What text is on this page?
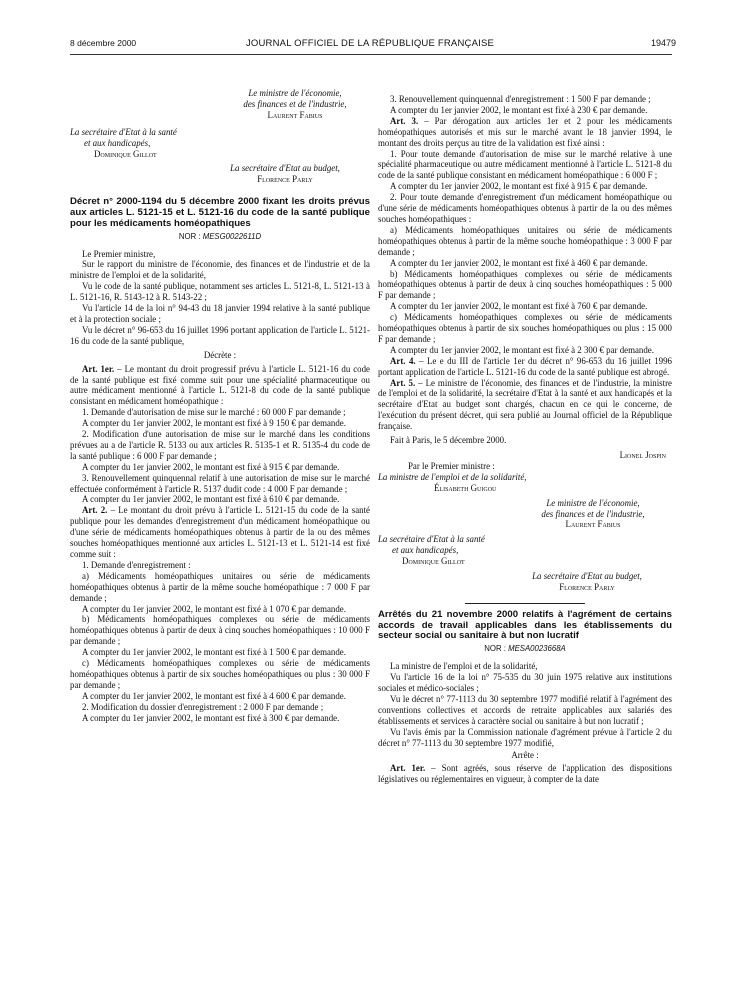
8 décembre 2000	JOURNAL OFFICIEL DE LA RÉPUBLIQUE FRANÇAISE	19479
Le ministre de l'économie,
des finances et de l'industrie,
Laurent Fabius
La secrétaire d'Etat à la santé
et aux handicapés,
Dominique Gillot
La secrétaire d'Etat au budget,
Florence Parly
Décret n° 2000-1194 du 5 décembre 2000 fixant les droits prévus aux articles L. 5121-15 et L. 5121-16 du code de la santé publique pour les médicaments homéopathiques
NOR : MESG0022611D

Le Premier ministre,

Sur le rapport du ministre de l'économie, des finances et de l'industrie et de la ministre de l'emploi et de la solidarité,

Vu le code de la santé publique, notamment ses articles L. 5121-8, L. 5121-13 à L. 5121-16, R. 5143-12 à R. 5143-22 ;

Vu l'article 14 de la loi n° 94-43 du 18 janvier 1994 relative à la santé publique et à la protection sociale ;

Vu le décret n° 96-653 du 16 juillet 1996 portant application de l'article L. 5121-16 du code de la santé publique,

Décrète :

Art. 1er. – Le montant du droit progressif prévu à l'article L. 5121-16 du code de la santé publique est fixé comme suit pour une spécialité pharmaceutique ou autre médicament mentionné à l'article L. 5121-8 du code de la santé publique consistant en médicament homéopathique :

1. Demande d'autorisation de mise sur le marché : 60 000 F par demande ;

A compter du 1er janvier 2002, le montant est fixé à 9 150 € par demande.

2. Modification d'une autorisation de mise sur le marché dans les conditions prévues au a de l'article R. 5133 ou aux articles R. 5135-1 et R. 5135-4 du code de la santé publique : 6 000 F par demande ;

A compter du 1er janvier 2002, le montant est fixé à 915 € par demande.

3. Renouvellement quinquennal relatif à une autorisation de mise sur le marché effectuée conformément à l'article R. 5137 dudit code : 4 000 F par demande ;

A compter du 1er janvier 2002, le montant est fixé à 610 € par demande.

Art. 2. – Le montant du droit prévu à l'article L. 5121-15 du code de la santé publique pour les demandes d'enregistrement d'un médicament homéopathique ou d'une série de médicaments homéopathiques obtenus à partir de la ou des mêmes souches homéopathiques mentionné aux articles L. 5121-13 et L. 5121-14 est fixé comme suit :

1. Demande d'enregistrement :

a) Médicaments homéopathiques unitaires ou série de médicaments homéopathiques obtenus à partir de la même souche homéopathique : 7 000 F par demande ;

A compter du 1er janvier 2002, le montant est fixé à 1 070 € par demande.

b) Médicaments homéopathiques complexes ou série de médicaments homéopathiques obtenus à partir de deux à cinq souches homéopathiques : 10 000 F par demande ;

A compter du 1er janvier 2002, le montant est fixé à 1 500 € par demande.

c) Médicaments homéopathiques complexes ou série de médicaments homéopathiques obtenus à partir de six souches homéopathiques ou plus : 30 000 F par demande ;

A compter du 1er janvier 2002, le montant est fixé à 4 600 € par demande.

2. Modification du dossier d'enregistrement : 2 000 F par demande ;

A compter du 1er janvier 2002, le montant est fixé à 300 € par demande.

3. Renouvellement quinquennal d'enregistrement : 1 500 F par demande ;

A compter du 1er janvier 2002, le montant est fixé à 230 € par demande.

Art. 3. – Par dérogation aux articles 1er et 2 pour les médicaments homéopathiques autorisés et mis sur le marché avant le 18 janvier 1994, le montant des droits perçus au titre de la validation est fixé ainsi :

1. Pour toute demande d'autorisation de mise sur le marché relative à une spécialité pharmaceutique ou autre médicament mentionné à l'article L. 5121-8 du code de la santé publique consistant en médicament homéopathique : 6 000 F ;

A compter du 1er janvier 2002, le montant est fixé à 915 € par demande.

2. Pour toute demande d'enregistrement d'un médicament homéopathique ou d'une série de médicaments homéopathiques obtenus à partir de la ou des mêmes souches homéopathiques :

a) Médicaments homéopathiques unitaires ou série de médicaments homéopathiques obtenus à partir de la même souche homéopathique : 3 000 F par demande ;

A compter du 1er janvier 2002, le montant est fixé à 460 € par demande.

b) Médicaments homéopathiques complexes ou série de médicaments homéopathiques obtenus à partir de deux à cinq souches homéopathiques : 5 000 F par demande ;

A compter du 1er janvier 2002, le montant est fixé à 760 € par demande.

c) Médicaments homéopathiques complexes ou série de médicaments homéopathiques obtenus à partir de six souches homéopathiques ou plus : 15 000 F par demande ;

A compter du 1er janvier 2002, le montant est fixé à 2 300 € par demande.

Art. 4. – Le e du III de l'article 1er du décret n° 96-653 du 16 juillet 1996 portant application de l'article L. 5121-16 du code de la santé publique est abrogé.

Art. 5. – Le ministre de l'économie, des finances et de l'industrie, la ministre de l'emploi et de la solidarité, la secrétaire d'Etat à la santé et aux handicapés et la secrétaire d'Etat au budget sont chargés, chacun en ce qui le concerne, de l'exécution du présent décret, qui sera publié au Journal officiel de la République française.

Fait à Paris, le 5 décembre 2000.

Lionel Jospin

Par le Premier ministre :

La ministre de l'emploi et de la solidarité,
Élisabeth Guigou
Le ministre de l'économie,
des finances et de l'industrie,
Laurent Fabius
La secrétaire d'Etat à la santé
et aux handicapés,
Dominique Gillot
La secrétaire d'Etat au budget,
Florence Parly
Arrêtés du 21 novembre 2000 relatifs à l'agrément de certains accords de travail applicables dans les établissements du secteur social ou sanitaire à but non lucratif
NOR : MESA0023668A

La ministre de l'emploi et de la solidarité,

Vu l'article 16 de la loi n° 75-535 du 30 juin 1975 relative aux institutions sociales et médico-sociales ;

Vu le décret n° 77-1113 du 30 septembre 1977 modifié relatif à l'agrément des conventions collectives et accords de retraite applicables aux salariés des établissements et services à caractère social ou sanitaire à but non lucratif ;

Vu l'avis émis par la Commission nationale d'agrément prévue à l'article 2 du décret n° 77-1113 du 30 septembre 1977 modifié,

Arrête :

Art. 1er. – Sont agréés, sous réserve de l'application des dispositions législatives ou réglementaires en vigueur, à compter de la date
